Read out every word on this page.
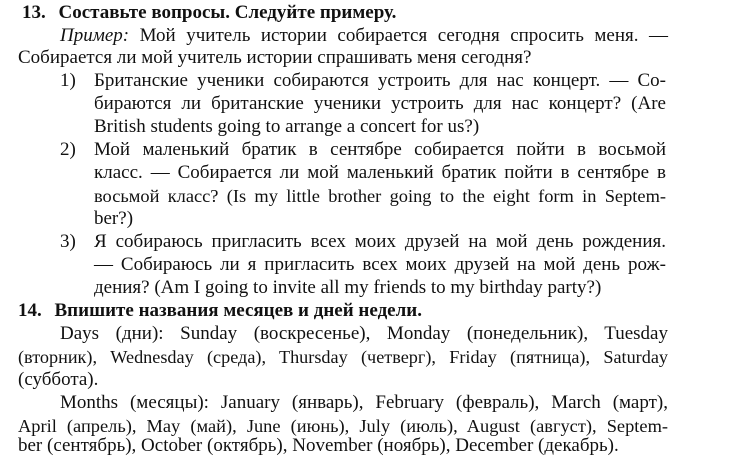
13. Составьте вопросы. Следуйте примеру.
Пример: Мой учитель истории собирается сегодня спросить меня. —
Собирается ли мой учитель истории спрашивать меня сегодня?
1) Британские ученики собираются устроить для нас концерт. — Со-
бираются ли британские ученики устроить для нас концерт? (Are
British students going to arrange a concert for us?)
2) Мой маленький братик в сентябре собирается пойти в восьмой
класс. — Собирается ли мой маленький братик пойти в сентябре в
восьмой класс? (Is my little brother going to the eight form in Septem-
ber?)
3) Я собираюсь пригласить всех моих друзей на мой день рождения.
— Собираюсь ли я пригласить всех моих друзей на мой день рож-
дения? (Am I going to invite all my friends to my birthday party?)
14. Впишите названия месяцев и дней недели.
Days (дни): Sunday (воскресенье), Monday (понедельник), Tuesday
(вторник), Wednesday (среда), Thursday (четверг), Friday (пятница), Saturday
(суббота).
Months (месяцы): January (январь), February (февраль), March (март),
April (апрель), May (май), June (июнь), July (июль), August (август), Septem-
ber (сентябрь), October (октябрь), November (ноябрь), December (декабрь).
